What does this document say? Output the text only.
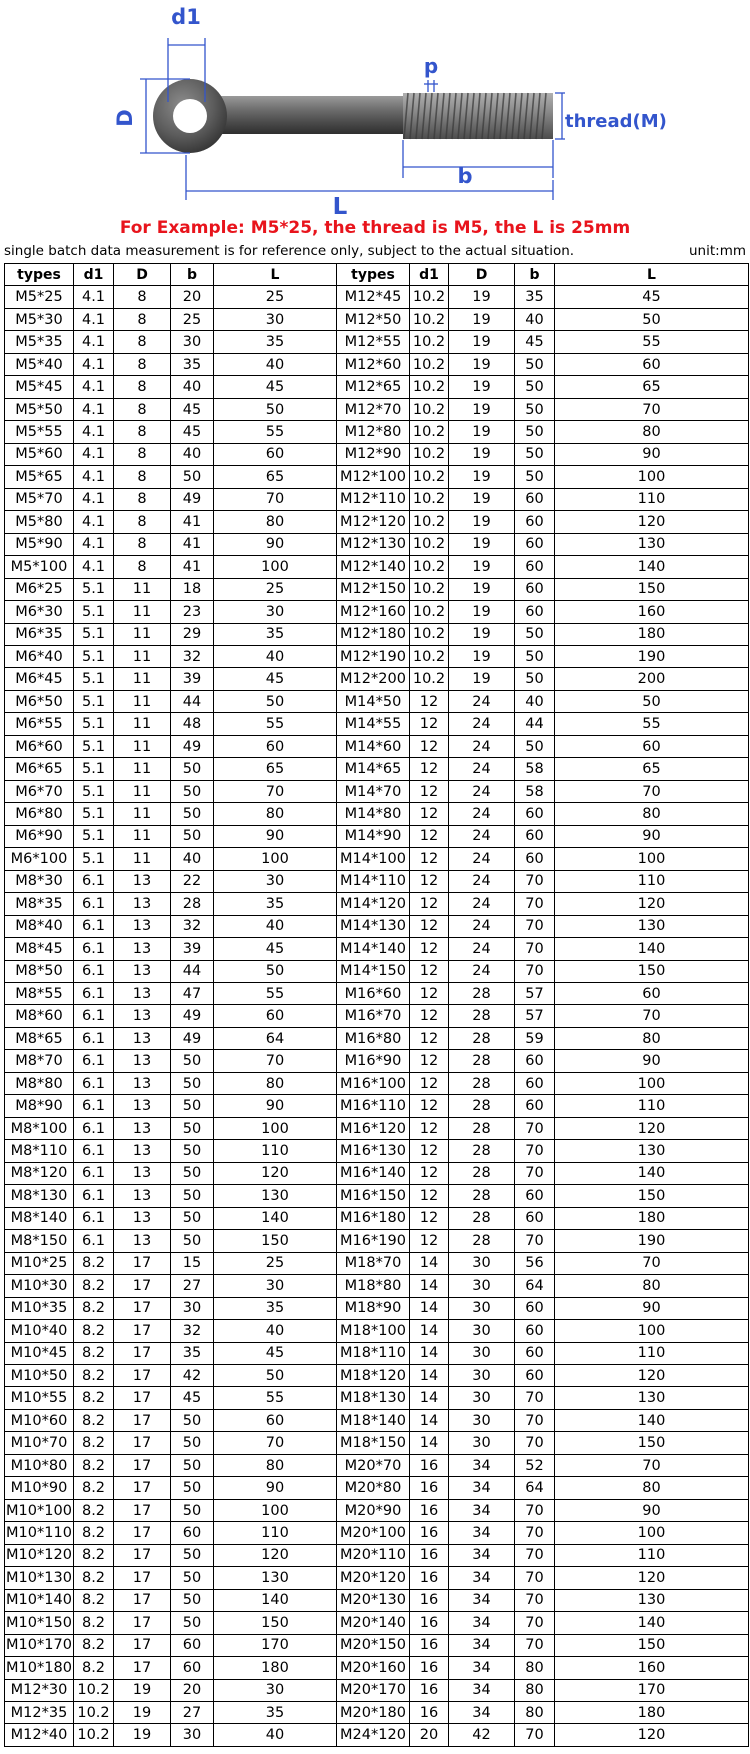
d1
D
p
thread(M)
b
L
For Example: M5*25, the thread is M5, the L is 25mm
single batch data measurement is for reference only, subject to the actual situation.	unit:mm
types	d1	D	b	L	types	d1	D	b	L
M5*25	4.1	8	20	25	M12*45	10.2	19	35	45
M5*30	4.1	8	25	30	M12*50	10.2	19	40	50
M5*35	4.1	8	30	35	M12*55	10.2	19	45	55
M5*40	4.1	8	35	40	M12*60	10.2	19	50	60
M5*45	4.1	8	40	45	M12*65	10.2	19	50	65
M5*50	4.1	8	45	50	M12*70	10.2	19	50	70
M5*55	4.1	8	45	55	M12*80	10.2	19	50	80
M5*60	4.1	8	40	60	M12*90	10.2	19	50	90
M5*65	4.1	8	50	65	M12*100	10.2	19	50	100
M5*70	4.1	8	49	70	M12*110	10.2	19	60	110
M5*80	4.1	8	41	80	M12*120	10.2	19	60	120
M5*90	4.1	8	41	90	M12*130	10.2	19	60	130
M5*100	4.1	8	41	100	M12*140	10.2	19	60	140
M6*25	5.1	11	18	25	M12*150	10.2	19	60	150
M6*30	5.1	11	23	30	M12*160	10.2	19	60	160
M6*35	5.1	11	29	35	M12*180	10.2	19	50	180
M6*40	5.1	11	32	40	M12*190	10.2	19	50	190
M6*45	5.1	11	39	45	M12*200	10.2	19	50	200
M6*50	5.1	11	44	50	M14*50	12	24	40	50
M6*55	5.1	11	48	55	M14*55	12	24	44	55
M6*60	5.1	11	49	60	M14*60	12	24	50	60
M6*65	5.1	11	50	65	M14*65	12	24	58	65
M6*70	5.1	11	50	70	M14*70	12	24	58	70
M6*80	5.1	11	50	80	M14*80	12	24	60	80
M6*90	5.1	11	50	90	M14*90	12	24	60	90
M6*100	5.1	11	40	100	M14*100	12	24	60	100
M8*30	6.1	13	22	30	M14*110	12	24	70	110
M8*35	6.1	13	28	35	M14*120	12	24	70	120
M8*40	6.1	13	32	40	M14*130	12	24	70	130
M8*45	6.1	13	39	45	M14*140	12	24	70	140
M8*50	6.1	13	44	50	M14*150	12	24	70	150
M8*55	6.1	13	47	55	M16*60	12	28	57	60
M8*60	6.1	13	49	60	M16*70	12	28	57	70
M8*65	6.1	13	49	64	M16*80	12	28	59	80
M8*70	6.1	13	50	70	M16*90	12	28	60	90
M8*80	6.1	13	50	80	M16*100	12	28	60	100
M8*90	6.1	13	50	90	M16*110	12	28	60	110
M8*100	6.1	13	50	100	M16*120	12	28	70	120
M8*110	6.1	13	50	110	M16*130	12	28	70	130
M8*120	6.1	13	50	120	M16*140	12	28	70	140
M8*130	6.1	13	50	130	M16*150	12	28	60	150
M8*140	6.1	13	50	140	M16*180	12	28	60	180
M8*150	6.1	13	50	150	M16*190	12	28	70	190
M10*25	8.2	17	15	25	M18*70	14	30	56	70
M10*30	8.2	17	27	30	M18*80	14	30	64	80
M10*35	8.2	17	30	35	M18*90	14	30	60	90
M10*40	8.2	17	32	40	M18*100	14	30	60	100
M10*45	8.2	17	35	45	M18*110	14	30	60	110
M10*50	8.2	17	42	50	M18*120	14	30	60	120
M10*55	8.2	17	45	55	M18*130	14	30	70	130
M10*60	8.2	17	50	60	M18*140	14	30	70	140
M10*70	8.2	17	50	70	M18*150	14	30	70	150
M10*80	8.2	17	50	80	M20*70	16	34	52	70
M10*90	8.2	17	50	90	M20*80	16	34	64	80
M10*100	8.2	17	50	100	M20*90	16	34	70	90
M10*110	8.2	17	60	110	M20*100	16	34	70	100
M10*120	8.2	17	50	120	M20*110	16	34	70	110
M10*130	8.2	17	50	130	M20*120	16	34	70	120
M10*140	8.2	17	50	140	M20*130	16	34	70	130
M10*150	8.2	17	50	150	M20*140	16	34	70	140
M10*170	8.2	17	60	170	M20*150	16	34	70	150
M10*180	8.2	17	60	180	M20*160	16	34	80	160
M12*30	10.2	19	20	30	M20*170	16	34	80	170
M12*35	10.2	19	27	35	M20*180	16	34	80	180
M12*40	10.2	19	30	40	M24*120	20	42	70	120
